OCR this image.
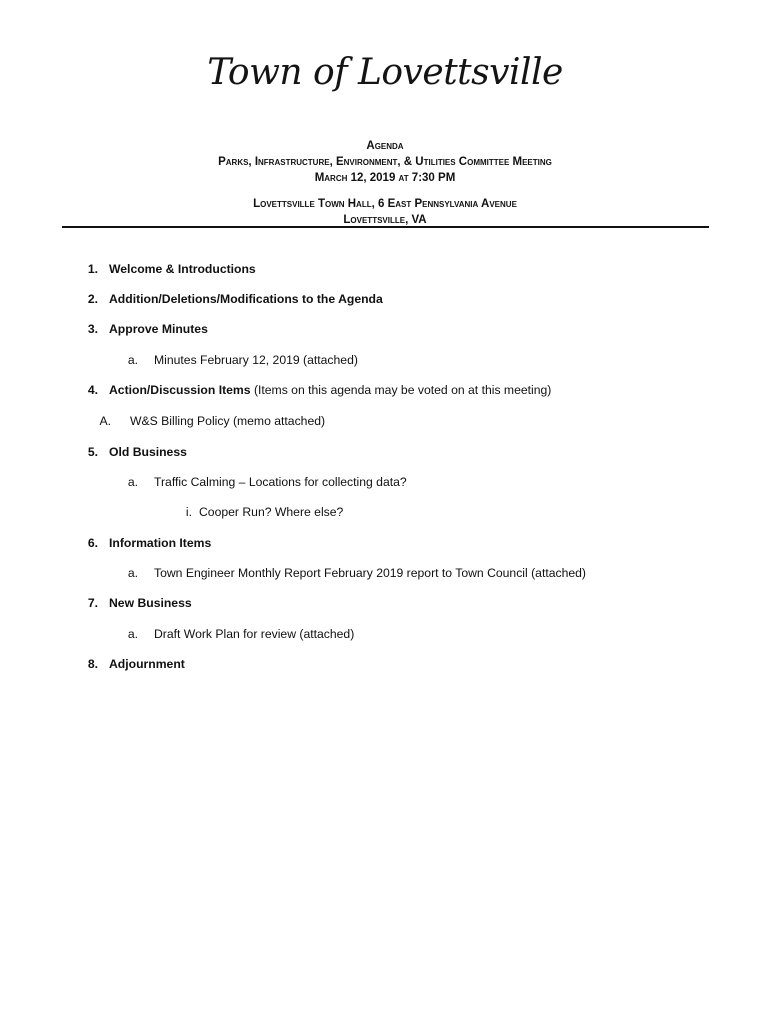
Town of Lovettsville
Agenda
Parks, Infrastructure, Environment, & Utilities Committee Meeting
March 12, 2019 at 7:30 PM
Lovettsville Town Hall, 6 East Pennsylvania Avenue
Lovettsville, VA
1. Welcome & Introductions
2. Addition/Deletions/Modifications to the Agenda
3. Approve Minutes
a. Minutes February 12, 2019 (attached)
4. Action/Discussion Items (Items on this agenda may be voted on at this meeting)
A. W&S Billing Policy (memo attached)
5. Old Business
a. Traffic Calming – Locations for collecting data?
i. Cooper Run? Where else?
6. Information Items
a. Town Engineer Monthly Report February 2019 report to Town Council (attached)
7. New Business
a. Draft Work Plan for review (attached)
8. Adjournment
